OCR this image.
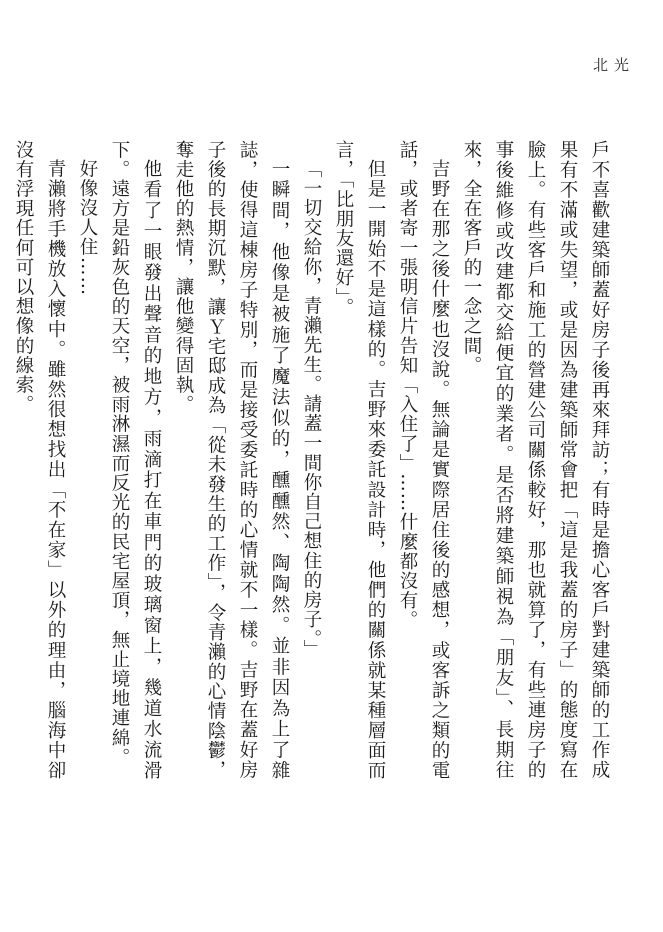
北光

戶不喜歡建築師蓋好房子後再來拜訪；有時是擔心客戶對建築師的工作成果有不滿或失望，或是因為建築師常會把「這是我蓋的房子」的態度寫在臉上。有些客戶和施工的營建公司關係較好，那也就算了，有些連房子的事後維修或改建都交給便宜的業者。是否將建築師視為「朋友」、長期往來，全在客戶的一念之間。

吉野在那之後什麼也沒說。無論是實際居住後的感想，或客訴之類的電話，或者寄一張明信片告知「入住了」……什麼都沒有。

但是一開始不是這樣的。吉野來委託設計時，他們的關係就某種層面而言，「比朋友還好」。

「一切交給你，青瀨先生。請蓋一間你自己想住的房子。」

一瞬間，他像是被施了魔法似的，醺醺然、陶陶然。並非因為上了雜誌，使得這棟房子特別，而是接受委託時的心情就不一樣。吉野在蓋好房子後的長期沉默，讓Ｙ宅邸成為「從未發生的工作」，令青瀨的心情陰鬱，奪走他的熱情，讓他變得固執。

他看了一眼發出聲音的地方，雨滴打在車門的玻璃窗上，幾道水流滑下。遠方是鉛灰色的天空，被雨淋濕而反光的民宅屋頂，無止境地連綿。

好像沒人住……

青瀨將手機放入懷中。雖然很想找出「不在家」以外的理由，腦海中卻沒有浮現任何可以想像的線索。
